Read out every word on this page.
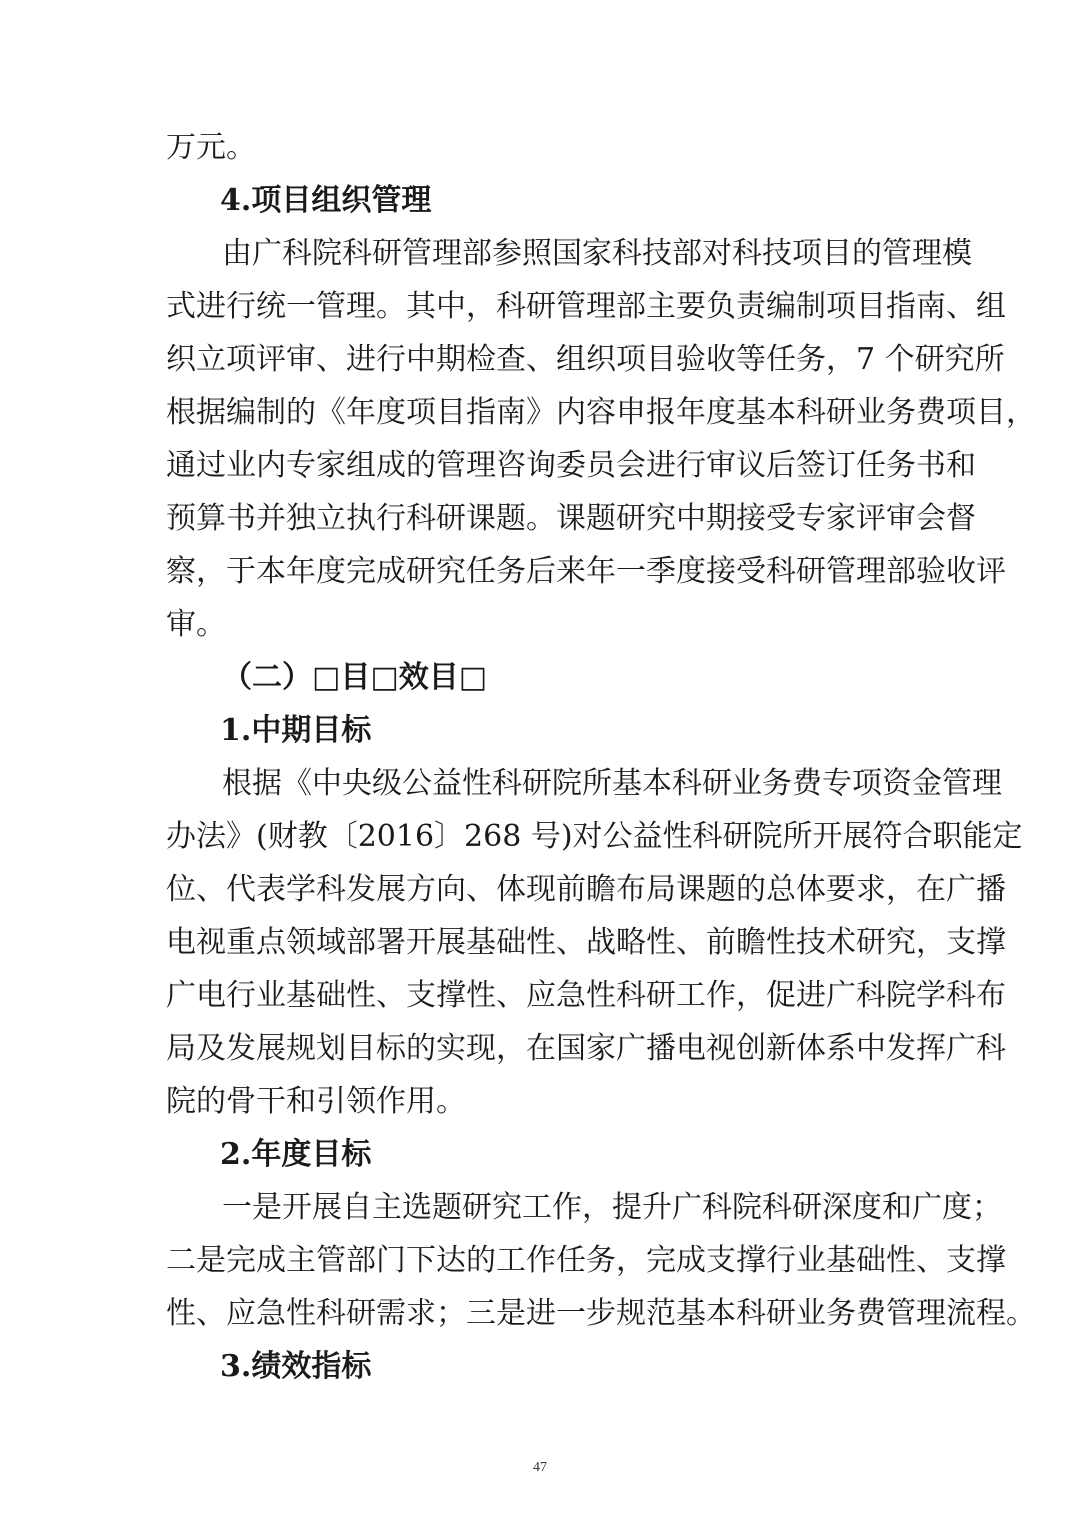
万元。
4.项目组织管理
由广科院科研管理部参照国家科技部对科技项目的管理模
式进行统一管理。其中，科研管理部主要负责编制项目指南、组
织立项评审、进行中期检查、组织项目验收等任务，7 个研究所
根据编制的《年度项目指南》内容申报年度基本科研业务费项目，
通过业内专家组成的管理咨询委员会进行审议后签订任务书和
预算书并独立执行科研课题。课题研究中期接受专家评审会督
察，于本年度完成研究任务后来年一季度接受科研管理部验收评
审。
（二）□目□效目□
1.中期目标
根据《中央级公益性科研院所基本科研业务费专项资金管理
办法》(财教〔2016〕268 号)对公益性科研院所开展符合职能定
位、代表学科发展方向、体现前瞻布局课题的总体要求，在广播
电视重点领域部署开展基础性、战略性、前瞻性技术研究，支撑
广电行业基础性、支撑性、应急性科研工作，促进广科院学科布
局及发展规划目标的实现，在国家广播电视创新体系中发挥广科
院的骨干和引领作用。
2.年度目标
一是开展自主选题研究工作，提升广科院科研深度和广度；
二是完成主管部门下达的工作任务，完成支撑行业基础性、支撑
性、应急性科研需求；三是进一步规范基本科研业务费管理流程。
3.绩效指标
47
